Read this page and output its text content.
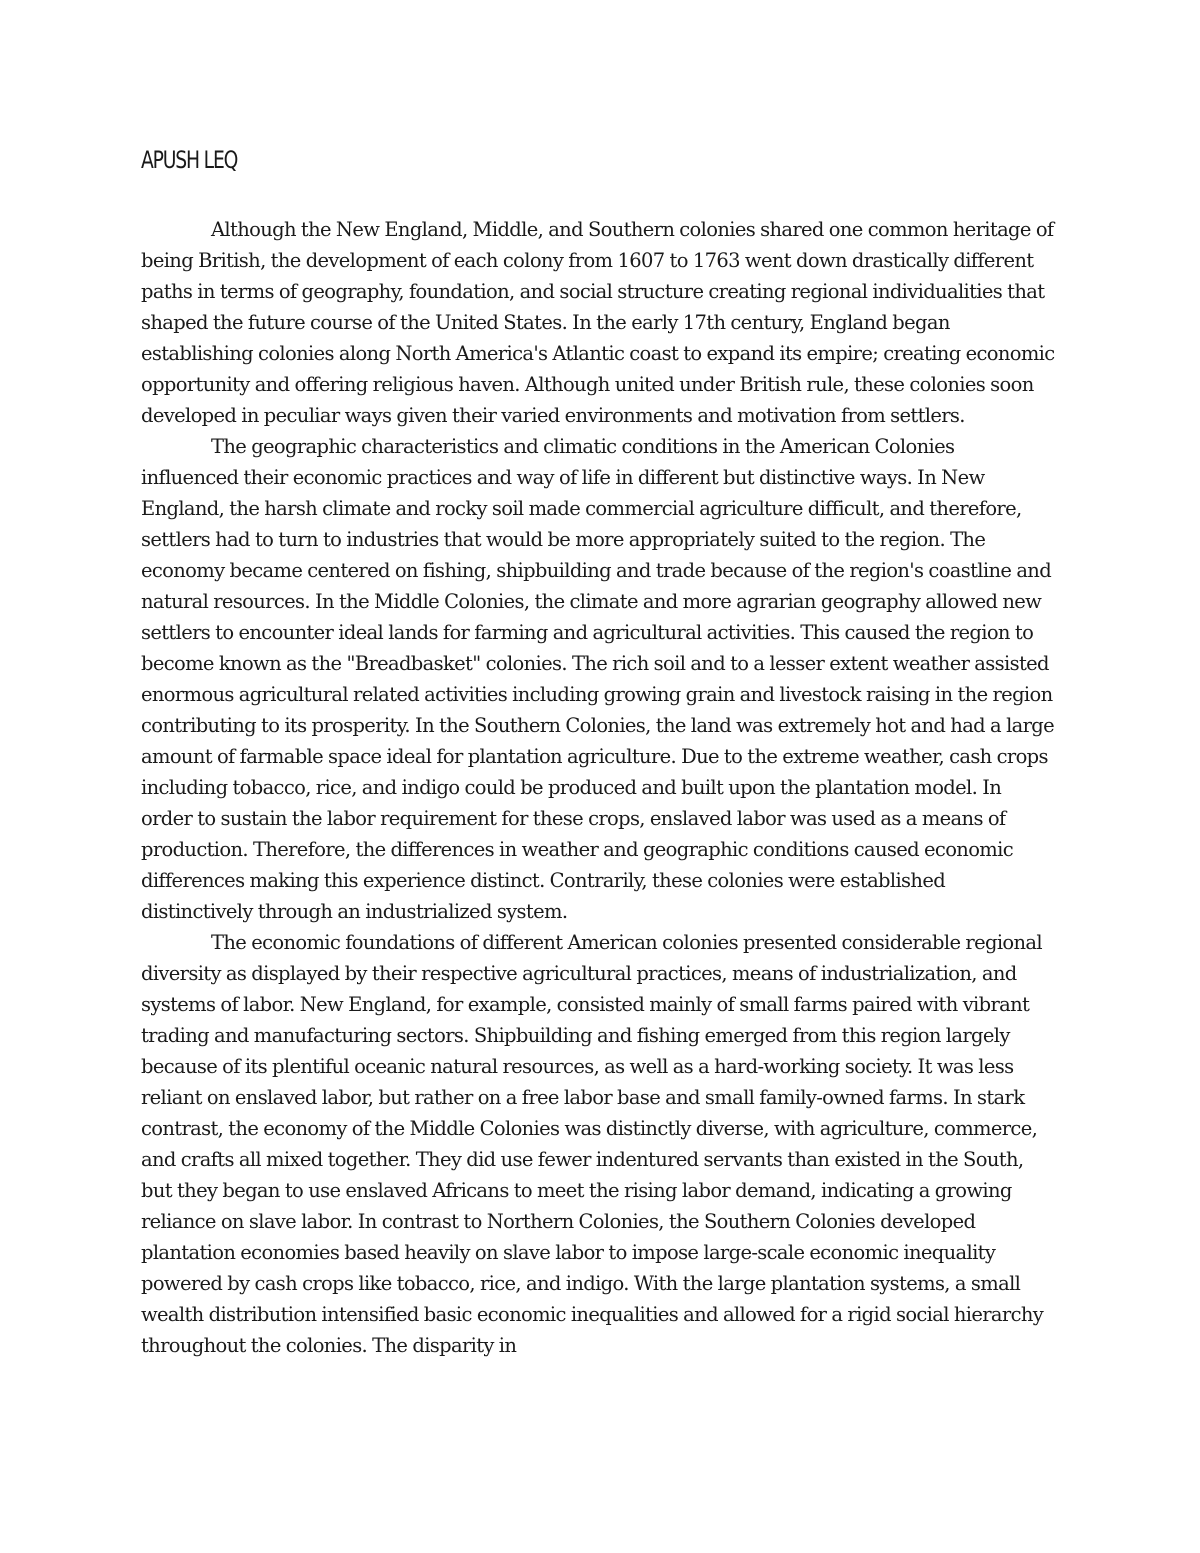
APUSH LEQ

Although the New England, Middle, and Southern colonies shared one common heritage of being British, the development of each colony from 1607 to 1763 went down drastically different paths in terms of geography, foundation, and social structure creating regional individualities that shaped the future course of the United States. In the early 17th century, England began establishing colonies along North America's Atlantic coast to expand its empire; creating economic opportunity and offering religious haven. Although united under British rule, these colonies soon developed in peculiar ways given their varied environments and motivation from settlers.

The geographic characteristics and climatic conditions in the American Colonies influenced their economic practices and way of life in different but distinctive ways. In New England, the harsh climate and rocky soil made commercial agriculture difficult, and therefore, settlers had to turn to industries that would be more appropriately suited to the region. The economy became centered on fishing, shipbuilding and trade because of the region's coastline and natural resources. In the Middle Colonies, the climate and more agrarian geography allowed new settlers to encounter ideal lands for farming and agricultural activities. This caused the region to become known as the "Breadbasket" colonies. The rich soil and to a lesser extent weather assisted enormous agricultural related activities including growing grain and livestock raising in the region contributing to its prosperity. In the Southern Colonies, the land was extremely hot and had a large amount of farmable space ideal for plantation agriculture. Due to the extreme weather, cash crops including tobacco, rice, and indigo could be produced and built upon the plantation model. In order to sustain the labor requirement for these crops, enslaved labor was used as a means of production. Therefore, the differences in weather and geographic conditions caused economic differences making this experience distinct. Contrarily, these colonies were established distinctively through an industrialized system.

The economic foundations of different American colonies presented considerable regional diversity as displayed by their respective agricultural practices, means of industrialization, and systems of labor. New England, for example, consisted mainly of small farms paired with vibrant trading and manufacturing sectors. Shipbuilding and fishing emerged from this region largely because of its plentiful oceanic natural resources, as well as a hard-working society. It was less reliant on enslaved labor, but rather on a free labor base and small family-owned farms. In stark contrast, the economy of the Middle Colonies was distinctly diverse, with agriculture, commerce, and crafts all mixed together. They did use fewer indentured servants than existed in the South, but they began to use enslaved Africans to meet the rising labor demand, indicating a growing reliance on slave labor. In contrast to Northern Colonies, the Southern Colonies developed plantation economies based heavily on slave labor to impose large-scale economic inequality powered by cash crops like tobacco, rice, and indigo. With the large plantation systems, a small wealth distribution intensified basic economic inequalities and allowed for a rigid social hierarchy throughout the colonies. The disparity in
